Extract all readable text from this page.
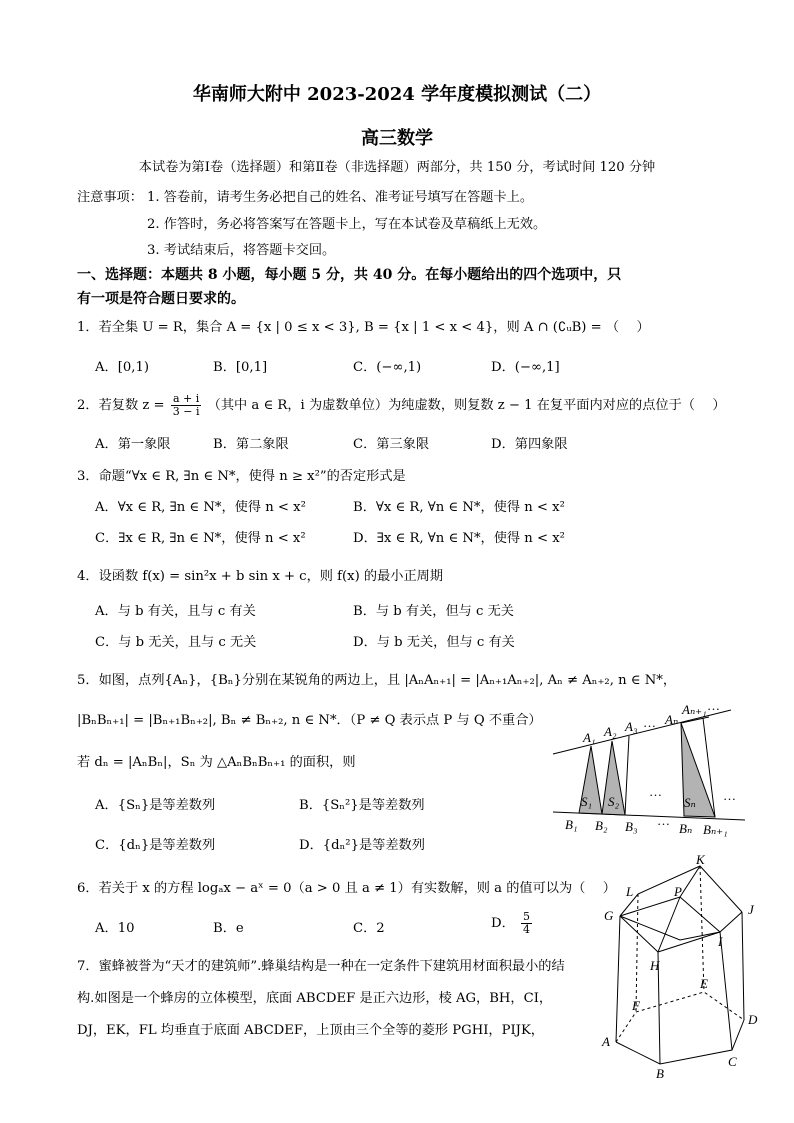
华南师大附中 2023-2024 学年度模拟测试（二）
高三数学
本试卷为第Ⅰ卷（选择题）和第Ⅱ卷（非选择题）两部分，共 150 分，考试时间 120 分钟
注意事项： 1. 答卷前，请考生务必把自己的姓名、准考证号填写在答题卡上。
2. 作答时，务必将答案写在答题卡上，写在本试卷及草稿纸上无效。
3. 考试结束后，将答题卡交回。
一、选择题：本题共 8 小题，每小题 5 分，共 40 分。在每小题给出的四个选项中，只
有一项是符合题日要求的。
1．若全集 U = R，集合 A = {x | 0 ≤ x < 3}, B = {x | 1 < x < 4}，则 A ∩ (∁ᵤB) = （　 ）
A．[0,1)	B．[0,1]	C．(−∞,1)	D．(−∞,1]
2．若复数 $z = \frac{a + i}{3 - i}$ （其中 a ∈ R，i 为虚数单位）为纯虚数，则复数 z − 1 在复平面内对应的点位于（　 ）
A．第一象限	B．第二象限	C．第三象限	D．第四象限
3．命题“∀x ∈ R, ∃n ∈ N*，使得 n ≥ x²”的否定形式是
A．∀x ∈ R, ∃n ∈ N*，使得 n < x²	B．∀x ∈ R, ∀n ∈ N*，使得 n < x²
C．∃x ∈ R, ∃n ∈ N*，使得 n < x²	D．∃x ∈ R, ∀n ∈ N*，使得 n < x²
4．设函数 f(x) = sin²x + b sin x + c，则 f(x) 的最小正周期
A．与 b 有关，且与 c 有关	B．与 b 有关，但与 c 无关
C．与 b 无关，且与 c 无关	D．与 b 无关，但与 c 有关
5．如图，点列{Aₙ}，{Bₙ}分别在某锐角的两边上，且 |AₙAₙ₊₁| = |Aₙ₊₁Aₙ₊₂|, Aₙ ≠ Aₙ₊₂, n ∈ N*，
|BₙBₙ₊₁| = |Bₙ₊₁Bₙ₊₂|, Bₙ ≠ Bₙ₊₂, n ∈ N*．（P ≠ Q 表示点 P 与 Q 不重合）
若 dₙ = |AₙBₙ|，Sₙ 为 △AₙBₙBₙ₊₁ 的面积，则
A．{Sₙ}是等差数列	B．{Sₙ²}是等差数列
C．{dₙ}是等差数列	D．{dₙ²}是等差数列
A₁ A₂ A₃ … Aₙ
Aₙ₊₁ …
S₁ S₂
…
Sₙ …
B₁ B₂ B₃	Bₙ Bₙ₊₁
…
6．若关于 x 的方程 logₐx − aˣ = 0（a > 0 且 a ≠ 1）有实数解，则 a 的值可以为（　 ）
A．10	B．e	C．2	D． $\frac{5}{4}$
7．蜜蜂被誉为“天才的建筑师”.蜂巢结构是一种在一定条件下建筑用材面积最小的结
构.如图是一个蜂房的立体模型，底面 ABCDEF 是正六边形，棱 AG，BH，CI，
DJ，EK，FL 均垂直于底面 ABCDEF，上顶由三个全等的菱形 PGHI，PIJK，
K
L	P
J
G
I
H
E
F
D
A
C
B
